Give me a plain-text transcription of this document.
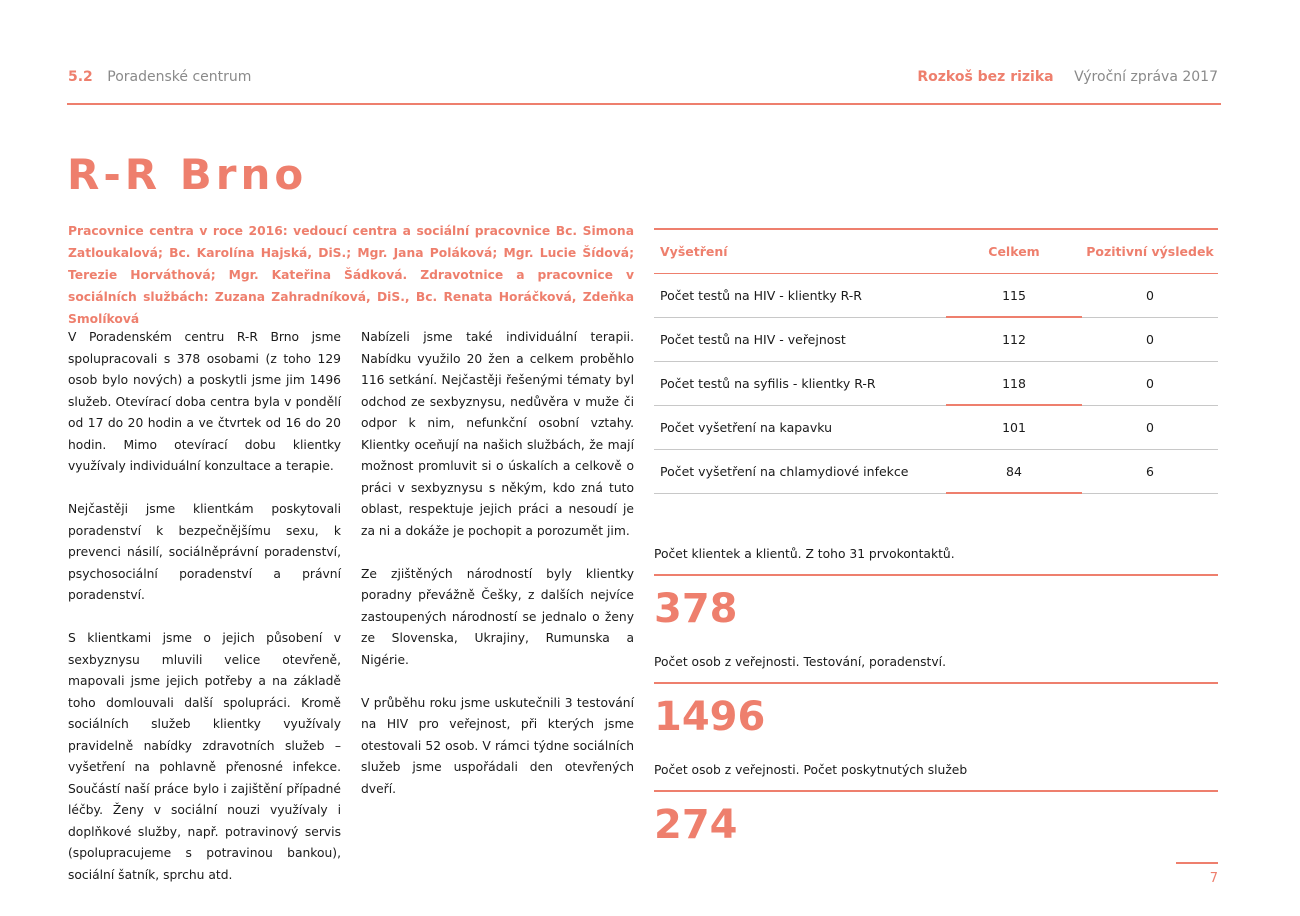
5.2 Poradenské centrum	Rozkoš bez rizika Výroční zpráva 2017
R-R Brno

Pracovnice centra v roce 2016: vedoucí centra a sociální pracovnice Bc. Simona Zatloukalová; Bc. Karolína Hajská, DiS.; Mgr. Jana Poláková; Mgr. Lucie Šídová; Terezie Horváthová; Mgr. Kateřina Šádková. Zdravotnice a pracovnice v sociálních službách: Zuzana Zahradníková, DiS., Bc. Renata Horáčková, Zdeňka Smolíková

V Poradenském centru R-R Brno jsme spolupracovali s 378 osobami (z toho 129 osob bylo nových) a poskytli jsme jim 1496 služeb. Otevírací doba centra byla v pondělí od 17 do 20 hodin a ve čtvrtek od 16 do 20 hodin. Mimo otevírací dobu klientky využívaly individuální konzultace a terapie.

Nejčastěji jsme klientkám poskytovali poradenství k bezpečnějšímu sexu, k prevenci násilí, sociálněprávní poradenství, psychosociální poradenství a právní poradenství.

S klientkami jsme o jejich působení v sexbyznysu mluvili velice otevřeně, mapovali jsme jejich potřeby a na základě toho domlouvali další spolupráci. Kromě sociálních služeb klientky využívaly pravidelně nabídky zdravotních služeb – vyšetření na pohlavně přenosné infekce. Součástí naší práce bylo i zajištění případné léčby. Ženy v sociální nouzi využívaly i doplňkové služby, např. potravinový servis (spolupracujeme s potravinou bankou), sociální šatník, sprchu atd.

Nabízeli jsme také individuální terapii. Nabídku využilo 20 žen a celkem proběhlo 116 setkání. Nejčastěji řešenými tématy byl odchod ze sexbyznysu, nedůvěra v muže či odpor k nim, nefunkční osobní vztahy. Klientky oceňují na našich službách, že mají možnost promluvit si o úskalích a celkově o práci v sexbyznysu s někým, kdo zná tuto oblast, respektuje jejich práci a nesoudí je za ni a dokáže je pochopit a porozumět jim.

Ze zjištěných národností byly klientky poradny převážně Češky, z dalších nejvíce zastoupených národností se jednalo o ženy ze Slovenska, Ukrajiny, Rumunska a Nigérie.

V průběhu roku jsme uskutečnili 3 testování na HIV pro veřejnost, při kterých jsme otestovali 52 osob. V rámci týdne sociálních služeb jsme uspořádali den otevřených dveří.

Vyšetření	Celkem	Pozitivní výsledek
Počet testů na HIV - klientky R-R	115	0
Počet testů na HIV - veřejnost	112	0
Počet testů na syfilis - klientky R-R	118	0
Počet vyšetření na kapavku	101	0
Počet vyšetření na chlamydiové infekce	84	6
Počet klientek a klientů. Z toho 31 prvokontaktů.
378
Počet osob z veřejnosti. Testování, poradenství.
1496
Počet osob z veřejnosti. Počet poskytnutých služeb
274
7
